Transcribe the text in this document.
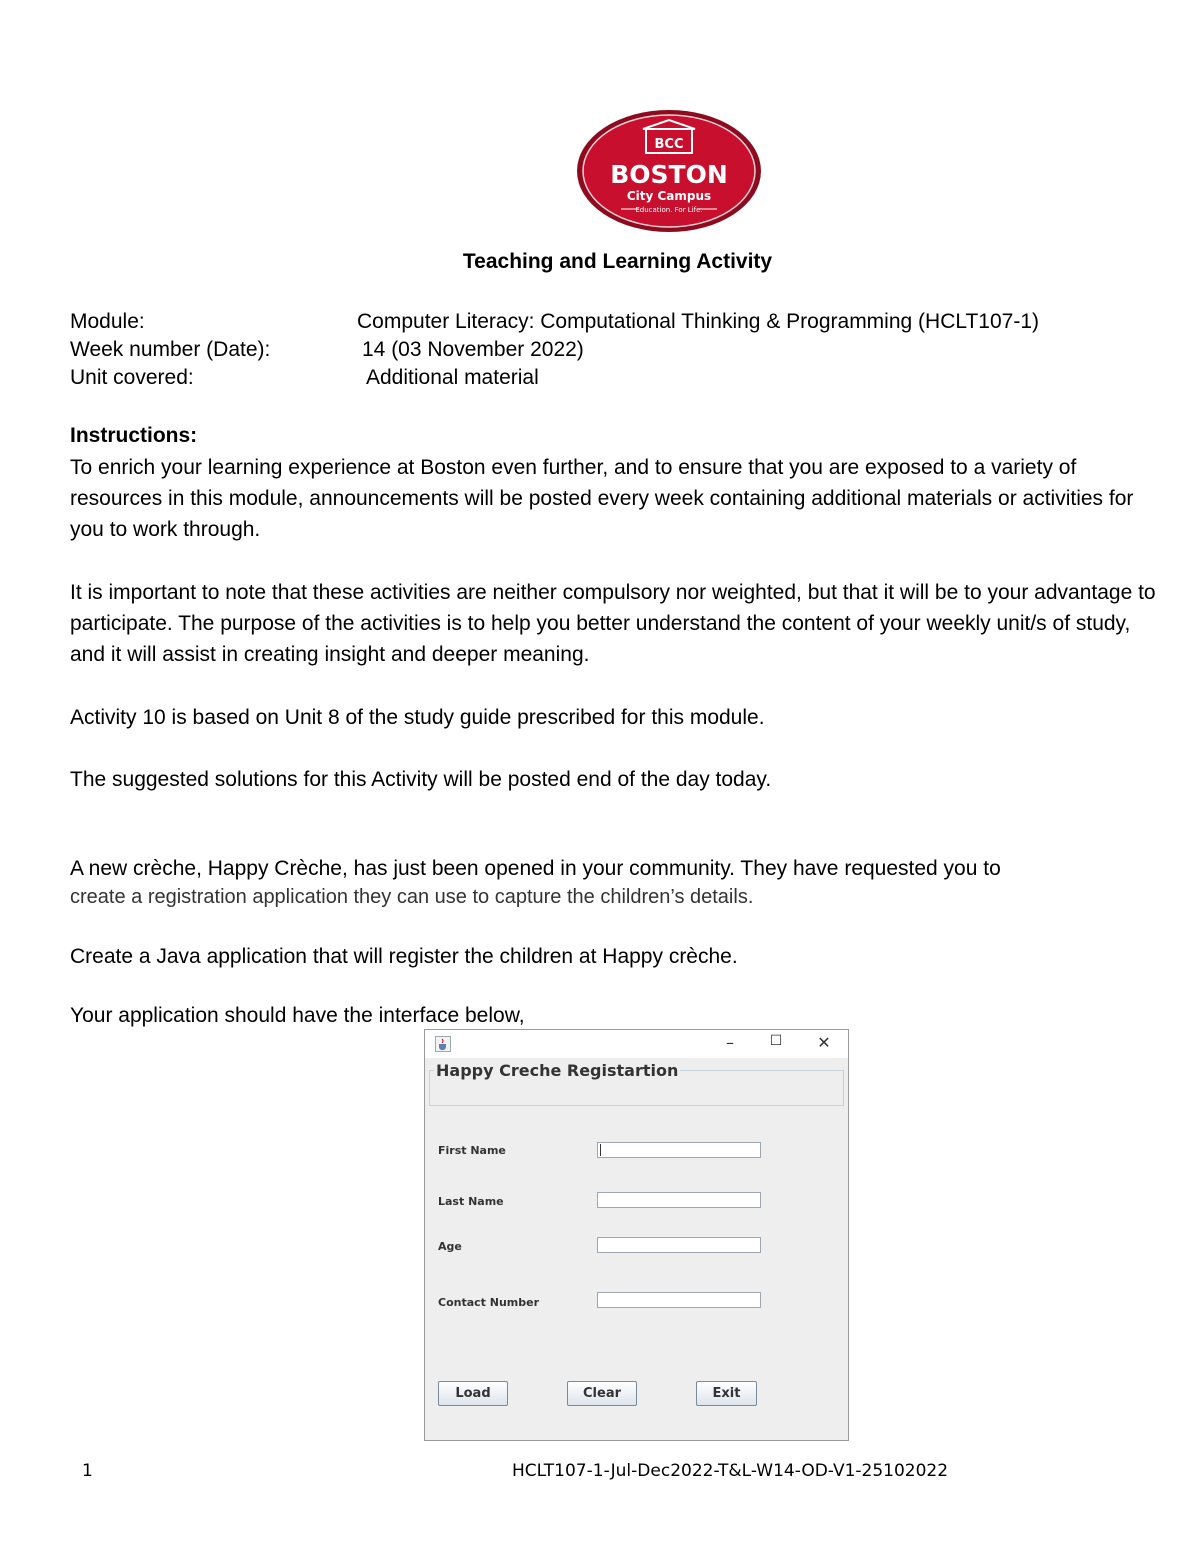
BCC
BOSTON
City Campus
Education. For Life.
Teaching and Learning Activity
Module:	Computer Literacy: Computational Thinking & Programming (HCLT107-1)
Week number (Date):	14 (03 November 2022)
Unit covered:	Additional material
Instructions:

To enrich your learning experience at Boston even further, and to ensure that you are exposed to a variety of resources in this module, announcements will be posted every week containing additional materials or activities for you to work through.

It is important to note that these activities are neither compulsory nor weighted, but that it will be to your advantage to participate. The purpose of the activities is to help you better understand the content of your weekly unit/s of study, and it will assist in creating insight and deeper meaning.

Activity 10 is based on Unit 8 of the study guide prescribed for this module.

The suggested solutions for this Activity will be posted end of the day today.

A new crèche, Happy Crèche, has just been opened in your community. They have requested you to

create a registration application they can use to capture the children’s details.

Create a Java application that will register the children at Happy crèche.

Your application should have the interface below,

–	☐	✕
Happy Creche Registartion
First Name
Last Name
Age
Contact Number
Load	Clear	Exit
1	HCLT107-1-Jul-Dec2022-T&L-W14-OD-V1-25102022
